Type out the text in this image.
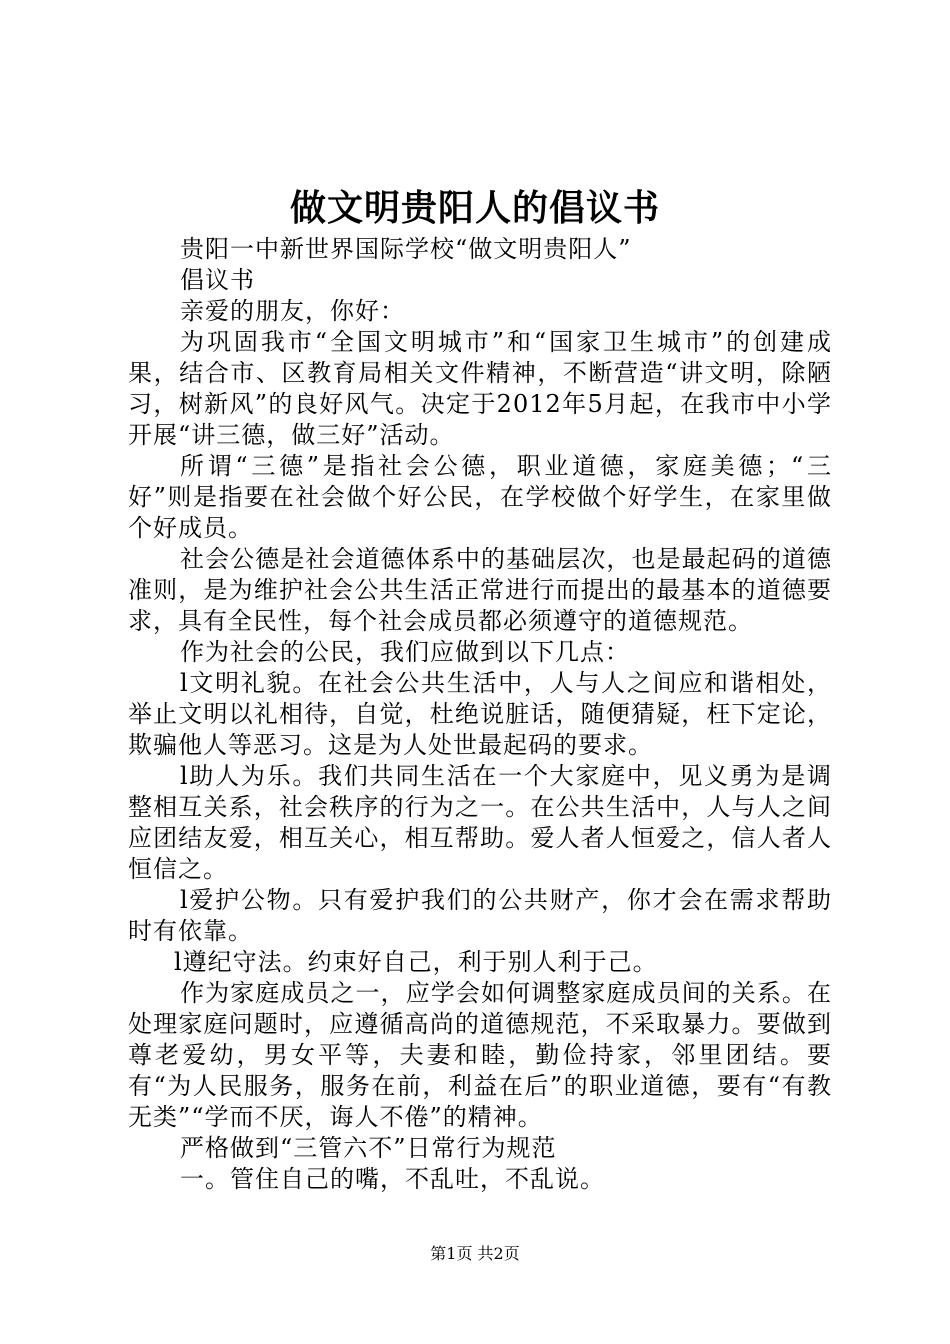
做文明贵阳人的倡议书

贵阳一中新世界国际学校“做文明贵阳人”

倡议书

亲爱的朋友，你好：

为巩固我市“全国文明城市”和“国家卫生城市”的创建成果，结合市、区教育局相关文件精神，不断营造“讲文明，除陋习，树新风”的良好风气。决定于2012年5月起，在我市中小学开展“讲三德，做三好”活动。

所谓“三德”是指社会公德，职业道德，家庭美德；“三好”则是指要在社会做个好公民，在学校做个好学生，在家里做个好成员。

社会公德是社会道德体系中的基础层次，也是最起码的道德准则，是为维护社会公共生活正常进行而提出的最基本的道德要求，具有全民性，每个社会成员都必须遵守的道德规范。

作为社会的公民，我们应做到以下几点：

l文明礼貌。在社会公共生活中，人与人之间应和谐相处，举止文明以礼相待，自觉，杜绝说脏话，随便猜疑，枉下定论，欺骗他人等恶习。这是为人处世最起码的要求。

l助人为乐。我们共同生活在一个大家庭中，见义勇为是调整相互关系，社会秩序的行为之一。在公共生活中，人与人之间应团结友爱，相互关心，相互帮助。爱人者人恒爱之，信人者人恒信之。

l爱护公物。只有爱护我们的公共财产，你才会在需求帮助时有依靠。

l遵纪守法。约束好自己，利于别人利于己。

作为家庭成员之一，应学会如何调整家庭成员间的关系。在处理家庭问题时，应遵循高尚的道德规范，不采取暴力。要做到尊老爱幼，男女平等，夫妻和睦，勤俭持家，邻里团结。要有“为人民服务，服务在前，利益在后”的职业道德，要有“有教无类”“学而不厌，诲人不倦”的精神。

严格做到“三管六不”日常行为规范

一。管住自己的嘴，不乱吐，不乱说。

第1页 共2页
